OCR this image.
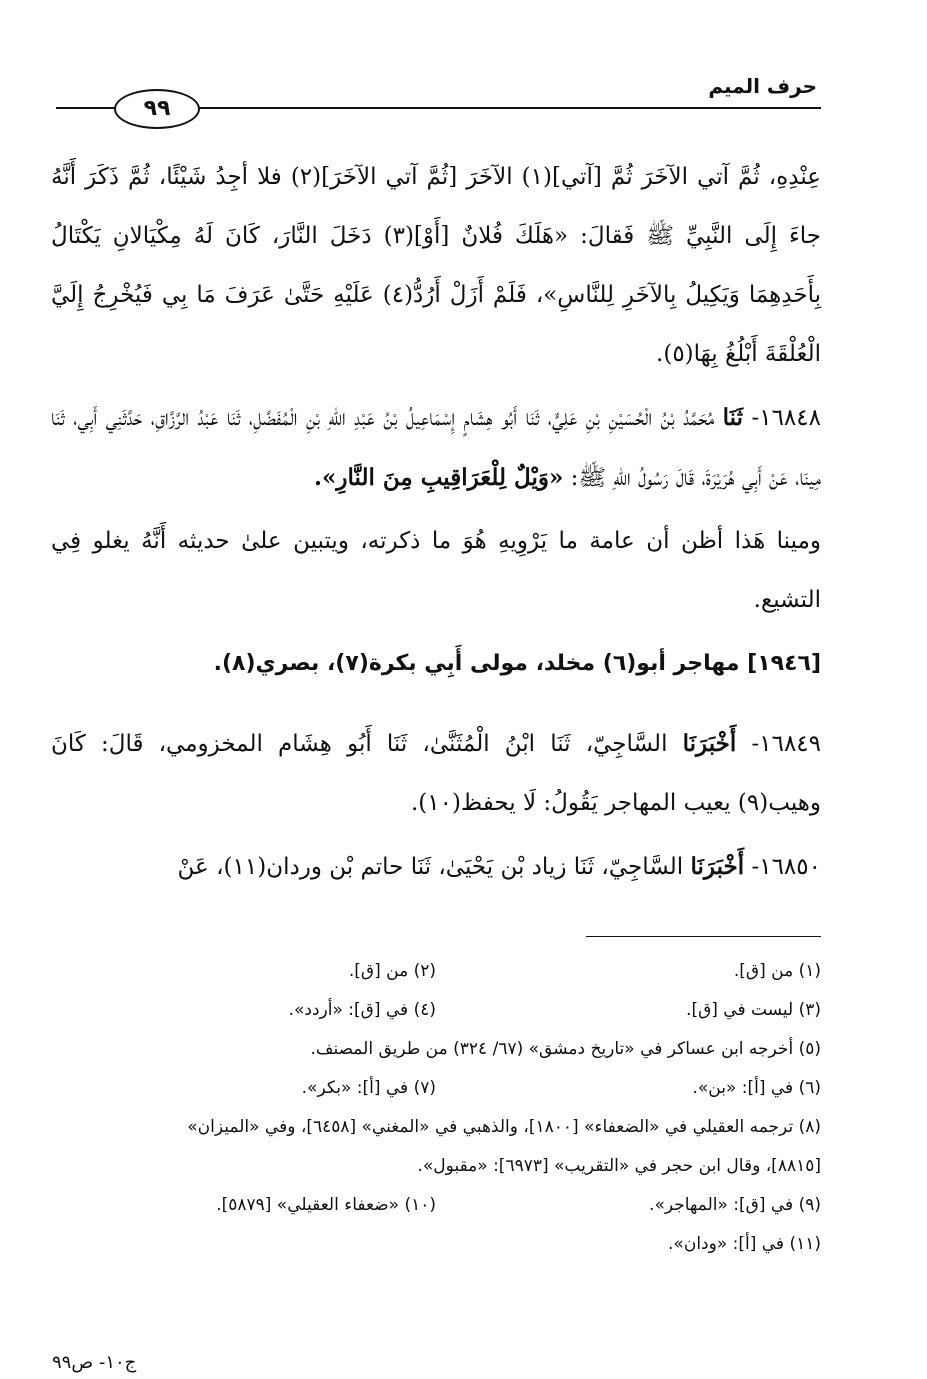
حرف الميم
٩٩

عِنْدِهِ، ثُمَّ آتي الآخَرَ ثُمَّ [آتي](١) الآخَرَ [ثُمَّ آتي الآخَرَ](٢) فلا أجِدُ شَيْئًا، ثُمَّ ذَكَرَ أَنَّهُ جاءَ إِلَى النَّبِيِّ ﷺ فَقالَ: «هَلَكَ فُلانٌ [أَوْ](٣) دَخَلَ النَّارَ، كَانَ لَهُ مِكْيَالانِ يَكْتَالُ بِأَحَدِهِمَا وَيَكِيلُ بِالآخَرِ لِلنَّاسِ»، فَلَمْ أَزَلْ أَرُدُّ(٤) عَلَيْهِ حَتَّىٰ عَرَفَ مَا بِي فَيُخْرِجُ إِلَيَّ الْعُلْقَةَ أَبْلُغُ بِهَا(٥).

١٦٨٤٨- ثَنَا مُحَمَّدُ بْنُ الْحُسَيْنِ بْنِ عَلِيٍّ، ثَنَا أَبُو هِشَامٍ إِسْمَاعِيلُ بْنُ عَبْدِ اللهِ بْنِ الْمُفَضَّلِ، ثَنَا عَبْدُ الرَّزَّاقِ، حَدَّثَنِي أَبِي، ثَنَا مِينَا، عَنْ أَبِي هُرَيْرَةَ، قَالَ رَسُولُ اللهِ ﷺ: «وَيْلٌ لِلْعَرَاقِيبِ مِنَ النَّارِ».

ومينا هَذا أظن أن عامة ما يَرْوِيهِ هُوَ ما ذكرته، ويتبين علىٰ حديثه أَنَّهُ يغلو فِي التشيع.

[١٩٤٦] مهاجر أبو(٦) مخلد، مولى أَبِي بكرة(٧)، بصري(٨).

١٦٨٤٩- أَخْبَرَنَا السَّاجِيّ، ثَنَا ابْنُ الْمُثَنَّىٰ، ثَنَا أَبُو هِشَام المخزومي، قَالَ: كَانَ وهيب(٩) يعيب المهاجر يَقُولُ: لَا يحفظ(١٠).

١٦٨٥٠- أَخْبَرَنَا السَّاجِيّ، ثَنَا زياد بْن يَحْيَىٰ، ثَنَا حاتم بْن وردان(١١)، عَنْ

(١) من [ق].
(٢) من [ق].
(٣) ليست في [ق].
(٤) في [ق]: «أردد».
(٥) أخرجه ابن عساكر في «تاريخ دمشق» (٦٧/ ٣٢٤) من طريق المصنف.
(٦) في [أ]: «بن».
(٧) في [أ]: «بكر».
(٨) ترجمه العقيلي في «الضعفاء» [١٨٠٠]، والذهبي في «المغني» [٦٤٥٨]، وفي «الميزان»
[٨٨١٥]، وقال ابن حجر في «التقريب» [٦٩٧٣]: «مقبول».
(٩) في [ق]: «المهاجر».
(١٠) «ضعفاء العقيلي» [٥٨٧٩].
(١١) في [أ]: «ودان».
ج١٠- ص٩٩
